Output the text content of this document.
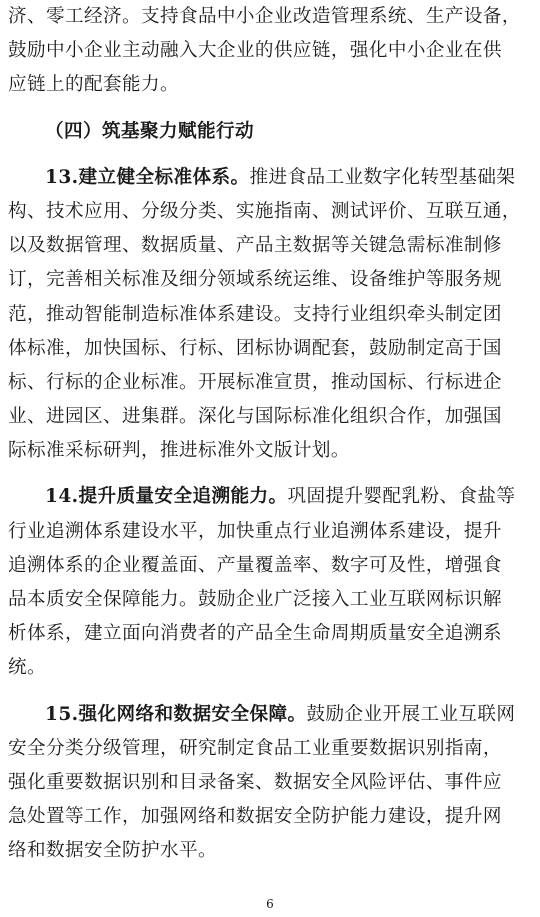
济、零工经济。支持食品中小企业改造管理系统、生产设备，
鼓励中小企业主动融入大企业的供应链，强化中小企业在供
应链上的配套能力。
（四）筑基聚力赋能行动
13.建立健全标准体系。推进食品工业数字化转型基础架
构、技术应用、分级分类、实施指南、测试评价、互联互通，
以及数据管理、数据质量、产品主数据等关键急需标准制修
订，完善相关标准及细分领域系统运维、设备维护等服务规
范，推动智能制造标准体系建设。支持行业组织牵头制定团
体标准，加快国标、行标、团标协调配套，鼓励制定高于国
标、行标的企业标准。开展标准宣贯，推动国标、行标进企
业、进园区、进集群。深化与国际标准化组织合作，加强国
际标准采标研判，推进标准外文版计划。
14.提升质量安全追溯能力。巩固提升婴配乳粉、食盐等
行业追溯体系建设水平，加快重点行业追溯体系建设，提升
追溯体系的企业覆盖面、产量覆盖率、数字可及性，增强食
品本质安全保障能力。鼓励企业广泛接入工业互联网标识解
析体系，建立面向消费者的产品全生命周期质量安全追溯系
统。
15.强化网络和数据安全保障。鼓励企业开展工业互联网
安全分类分级管理，研究制定食品工业重要数据识别指南，
强化重要数据识别和目录备案、数据安全风险评估、事件应
急处置等工作，加强网络和数据安全防护能力建设，提升网
络和数据安全防护水平。
6
